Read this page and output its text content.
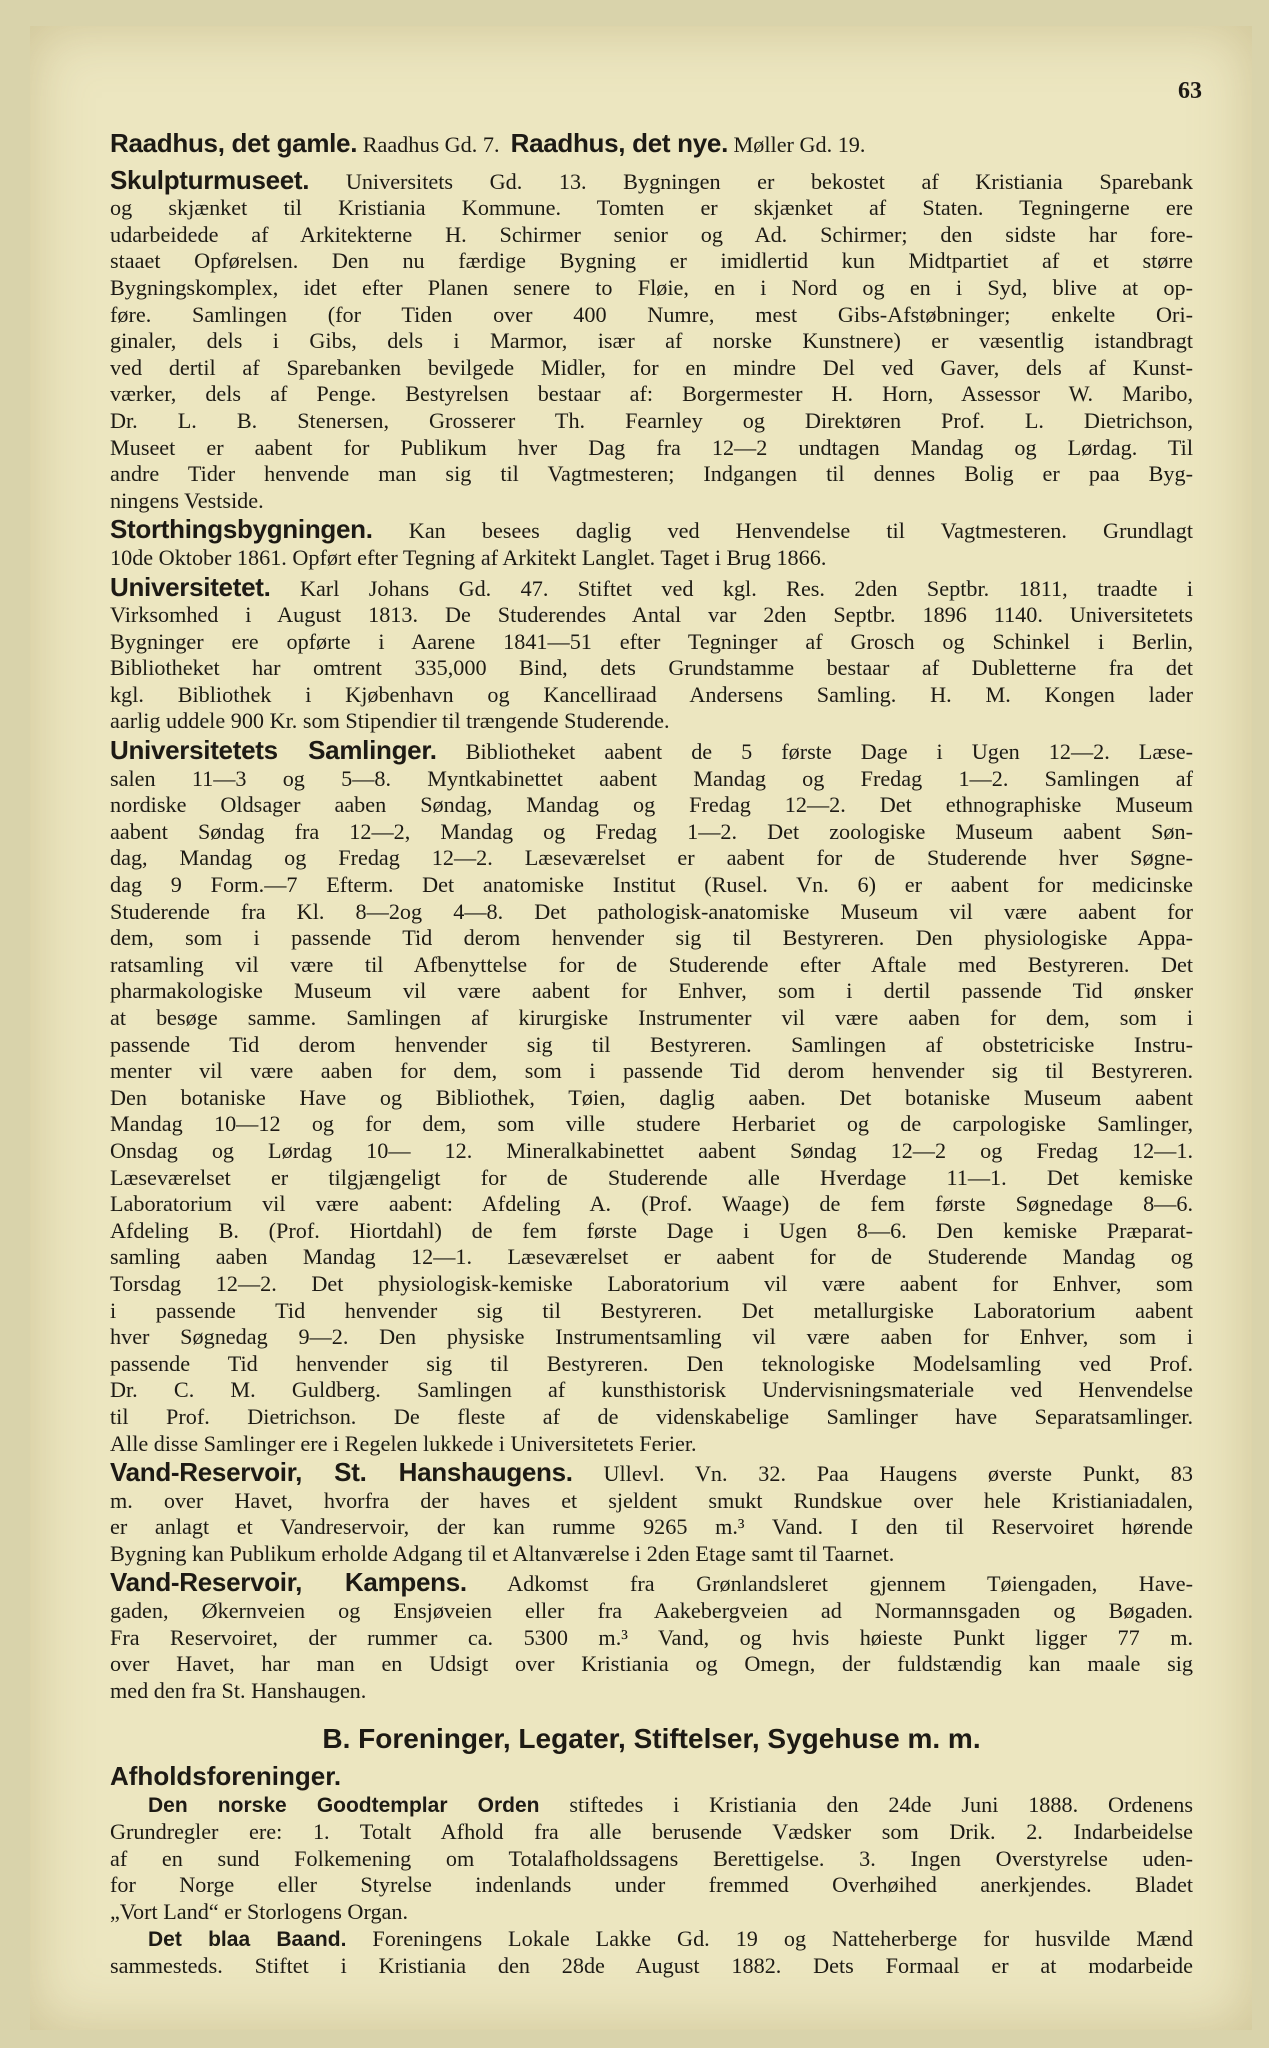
63
Raadhus, det gamle. Raadhus Gd. 7. Raadhus, det nye. Møller Gd. 19.
Skulpturmuseet. Universitets Gd. 13. Bygningen er bekostet af Kristiania Sparebank
og skjænket til Kristiania Kommune. Tomten er skjænket af Staten. Tegningerne ere
udarbeidede af Arkitekterne H. Schirmer senior og Ad. Schirmer; den sidste har fore-
staaet Opførelsen. Den nu færdige Bygning er imidlertid kun Midtpartiet af et større
Bygningskomplex, idet efter Planen senere to Fløie, en i Nord og en i Syd, blive at op-
føre. Samlingen (for Tiden over 400 Numre, mest Gibs-Afstøbninger; enkelte Ori-
ginaler, dels i Gibs, dels i Marmor, især af norske Kunstnere) er væsentlig istandbragt
ved dertil af Sparebanken bevilgede Midler, for en mindre Del ved Gaver, dels af Kunst-
værker, dels af Penge. Bestyrelsen bestaar af: Borgermester H. Horn, Assessor W. Maribo,
Dr. L. B. Stenersen, Grosserer Th. Fearnley og Direktøren Prof. L. Dietrichson,
Museet er aabent for Publikum hver Dag fra 12—2 undtagen Mandag og Lørdag. Til
andre Tider henvende man sig til Vagtmesteren; Indgangen til dennes Bolig er paa Byg-
ningens Vestside.
Storthingsbygningen. Kan besees daglig ved Henvendelse til Vagtmesteren. Grundlagt
10de Oktober 1861. Opført efter Tegning af Arkitekt Langlet. Taget i Brug 1866.
Universitetet. Karl Johans Gd. 47. Stiftet ved kgl. Res. 2den Septbr. 1811, traadte i
Virksomhed i August 1813. De Studerendes Antal var 2den Septbr. 1896 1140. Universitetets
Bygninger ere opførte i Aarene 1841—51 efter Tegninger af Grosch og Schinkel i Berlin,
Bibliotheket har omtrent 335,000 Bind, dets Grundstamme bestaar af Dubletterne fra det
kgl. Bibliothek i Kjøbenhavn og Kancelliraad Andersens Samling. H. M. Kongen lader
aarlig uddele 900 Kr. som Stipendier til trængende Studerende.
Universitetets Samlinger. Bibliotheket aabent de 5 første Dage i Ugen 12—2. Læse-
salen 11—3 og 5—8. Myntkabinettet aabent Mandag og Fredag 1—2. Samlingen af
nordiske Oldsager aaben Søndag, Mandag og Fredag 12—2. Det ethnographiske Museum
aabent Søndag fra 12—2, Mandag og Fredag 1—2. Det zoologiske Museum aabent Søn-
dag, Mandag og Fredag 12—2. Læseværelset er aabent for de Studerende hver Søgne-
dag 9 Form.—7 Efterm. Det anatomiske Institut (Rusel. Vn. 6) er aabent for medicinske
Studerende fra Kl. 8—2og 4—8. Det pathologisk-anatomiske Museum vil være aabent for
dem, som i passende Tid derom henvender sig til Bestyreren. Den physiologiske Appa-
ratsamling vil være til Afbenyttelse for de Studerende efter Aftale med Bestyreren. Det
pharmakologiske Museum vil være aabent for Enhver, som i dertil passende Tid ønsker
at besøge samme. Samlingen af kirurgiske Instrumenter vil være aaben for dem, som i
passende Tid derom henvender sig til Bestyreren. Samlingen af obstetriciske Instru-
menter vil være aaben for dem, som i passende Tid derom henvender sig til Bestyreren.
Den botaniske Have og Bibliothek, Tøien, daglig aaben. Det botaniske Museum aabent
Mandag 10—12 og for dem, som ville studere Herbariet og de carpologiske Samlinger,
Onsdag og Lørdag 10— 12. Mineralkabinettet aabent Søndag 12—2 og Fredag 12—1.
Læseværelset er tilgjængeligt for de Studerende alle Hverdage 11—1. Det kemiske
Laboratorium vil være aabent: Afdeling A. (Prof. Waage) de fem første Søgnedage 8—6.
Afdeling B. (Prof. Hiortdahl) de fem første Dage i Ugen 8—6. Den kemiske Præparat-
samling aaben Mandag 12—1. Læseværelset er aabent for de Studerende Mandag og
Torsdag 12—2. Det physiologisk-kemiske Laboratorium vil være aabent for Enhver, som
i passende Tid henvender sig til Bestyreren. Det metallurgiske Laboratorium aabent
hver Søgnedag 9—2. Den physiske Instrumentsamling vil være aaben for Enhver, som i
passende Tid henvender sig til Bestyreren. Den teknologiske Modelsamling ved Prof.
Dr. C. M. Guldberg. Samlingen af kunsthistorisk Undervisningsmateriale ved Henvendelse
til Prof. Dietrichson. De fleste af de videnskabelige Samlinger have Separatsamlinger.
Alle disse Samlinger ere i Regelen lukkede i Universitetets Ferier.
Vand-Reservoir, St. Hanshaugens. Ullevl. Vn. 32. Paa Haugens øverste Punkt, 83
m. over Havet, hvorfra der haves et sjeldent smukt Rundskue over hele Kristianiadalen,
er anlagt et Vandreservoir, der kan rumme 9265 m.³ Vand. I den til Reservoiret hørende
Bygning kan Publikum erholde Adgang til et Altanværelse i 2den Etage samt til Taarnet.
Vand-Reservoir, Kampens. Adkomst fra Grønlandsleret gjennem Tøiengaden, Have-
gaden, Økernveien og Ensjøveien eller fra Aakebergveien ad Normannsgaden og Bøgaden.
Fra Reservoiret, der rummer ca. 5300 m.³ Vand, og hvis høieste Punkt ligger 77 m.
over Havet, har man en Udsigt over Kristiania og Omegn, der fuldstændig kan maale sig
med den fra St. Hanshaugen.
B. Foreninger, Legater, Stiftelser, Sygehuse m. m.
Afholdsforeninger.
Den norske Goodtemplar Orden stiftedes i Kristiania den 24de Juni 1888. Ordenens
Grundregler ere: 1. Totalt Afhold fra alle berusende Vædsker som Drik. 2. Indarbeidelse
af en sund Folkemening om Totalafholdssagens Berettigelse. 3. Ingen Overstyrelse uden-
for Norge eller Styrelse indenlands under fremmed Overhøihed anerkjendes. Bladet
„Vort Land“ er Storlogens Organ.
Det blaa Baand. Foreningens Lokale Lakke Gd. 19 og Natteherberge for husvilde Mænd
sammesteds. Stiftet i Kristiania den 28de August 1882. Dets Formaal er at modarbeide
